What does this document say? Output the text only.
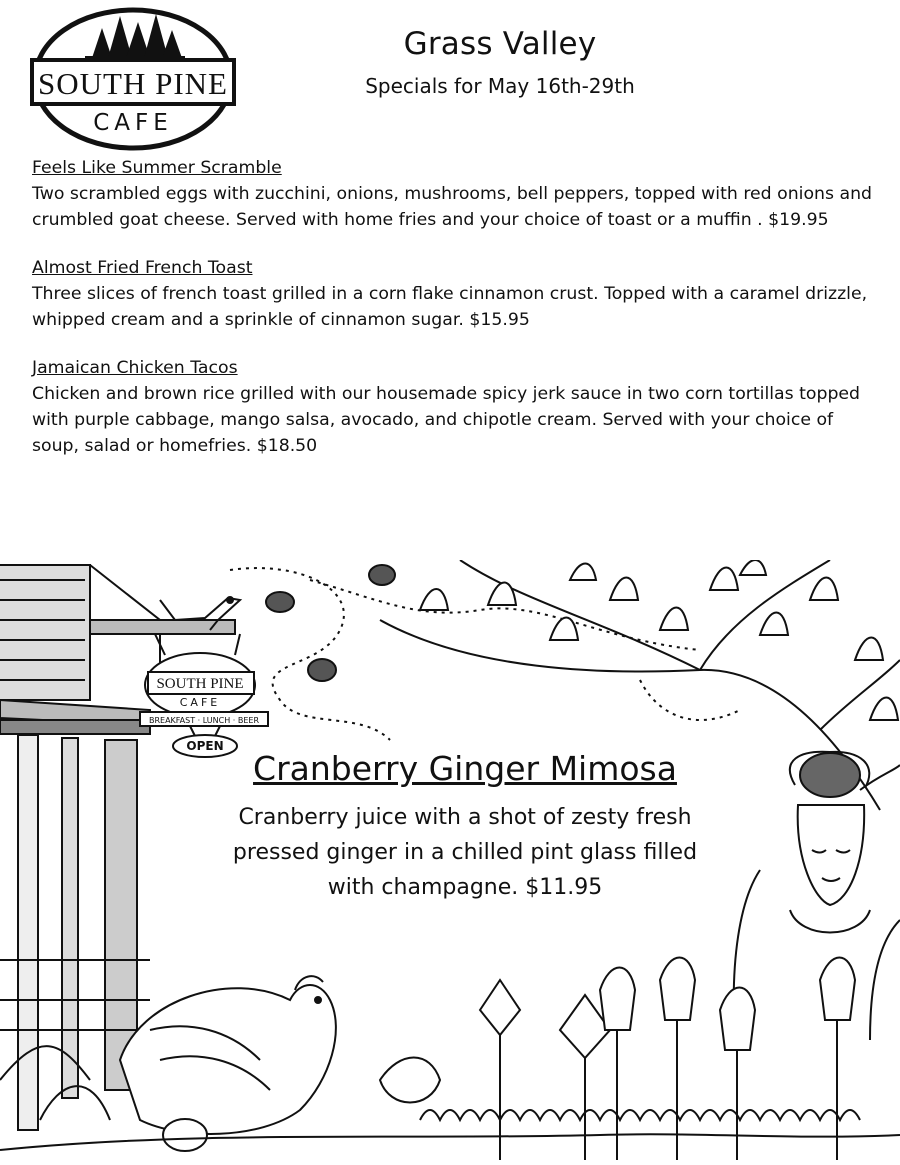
SOUTH PINE
CAFE
Grass Valley
Specials for May 16th-29th
Feels Like Summer Scramble
Two scrambled eggs with zucchini, onions, mushrooms, bell peppers, topped with red onions and crumbled goat cheese. Served with home fries and your choice of toast or a muffin . $19.95
Almost Fried French Toast
Three slices of french toast grilled in a corn flake cinnamon crust. Topped with a caramel drizzle, whipped cream and a sprinkle of cinnamon sugar. $15.95
Jamaican Chicken Tacos
Chicken and brown rice grilled with our housemade spicy jerk sauce in two corn tortillas topped with purple cabbage, mango salsa, avocado, and chipotle cream. Served with your choice of soup, salad or homefries. $18.50
SOUTH PINE
CAFE
BREAKFAST · LUNCH · BEER
OPEN
Cranberry Ginger Mimosa
Cranberry juice with a shot of zesty fresh
pressed ginger in a chilled pint glass filled
with champagne. $11.95
